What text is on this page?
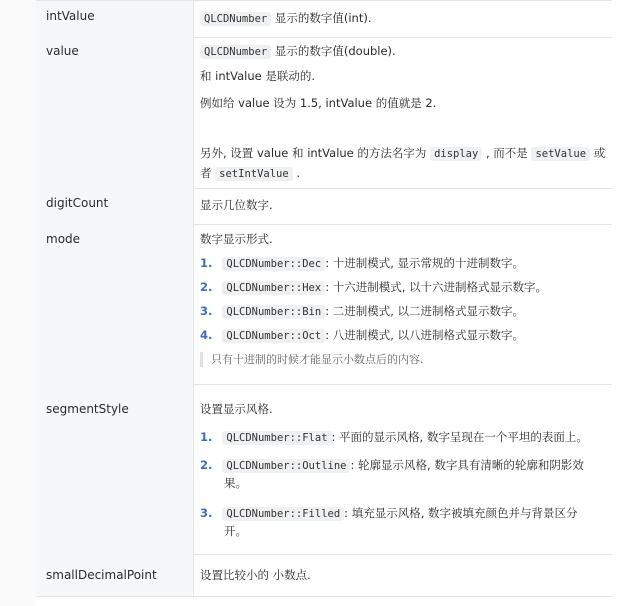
intValue	QLCDNumber 显示的数字值(int).
value	QLCDNumber 显示的数字值(double).
和 intValue 是联动的.
例如给 value 设为 1.5, intValue 的值就是 2.
另外, 设置 value 和 intValue 的方法名字为 display , 而不是 setValue 或
者 setIntValue .
digitCount	显示几位数字.
mode	数字显示形式.
1. QLCDNumber::Dec : 十进制模式, 显示常规的十进制数字。
2. QLCDNumber::Hex : 十六进制模式, 以十六进制格式显示数字。
3. QLCDNumber::Bin : 二进制模式, 以二进制格式显示数字。
4. QLCDNumber::Oct : 八进制模式, 以八进制格式显示数字。
只有十进制的时候才能显示小数点后的内容.
segmentStyle	设置显示风格.
1. QLCDNumber::Flat : 平面的显示风格, 数字呈现在一个平坦的表面上。
2. QLCDNumber::Outline : 轮廓显示风格, 数字具有清晰的轮廓和阴影效
果。
3. QLCDNumber::Filled : 填充显示风格, 数字被填充颜色并与背景区分
开。
smallDecimalPoint	设置比较小的 小数点.
